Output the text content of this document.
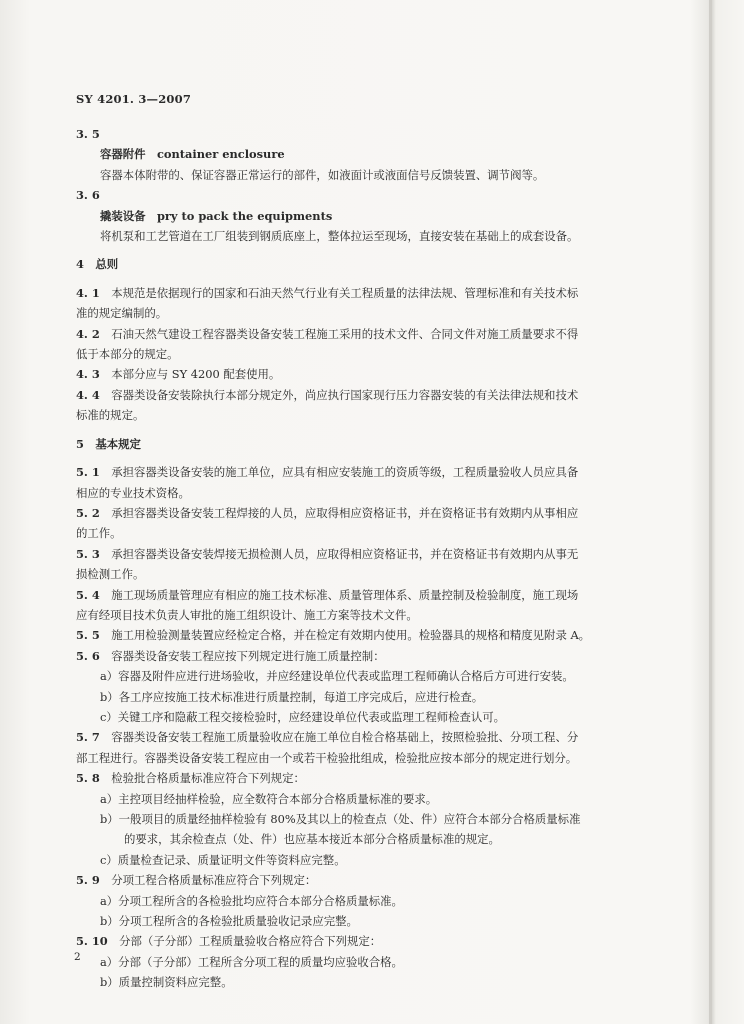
SY 4201. 3—2007

3. 5

容器附件　container enclosure

容器本体附带的、保证容器正常运行的部件，如液面计或液面信号反馈装置、调节阀等。

3. 6

撬装设备　pry to pack the equipments

将机泵和工艺管道在工厂组装到钢质底座上，整体拉运至现场，直接安装在基础上的成套设备。

4　总则

4. 1　 本规范是依据现行的国家和石油天然气行业有关工程质量的法律法规、管理标准和有关技术标

准的规定编制的。

4. 2　 石油天然气建设工程容器类设备安装工程施工采用的技术文件、合同文件对施工质量要求不得

低于本部分的规定。

4. 3　 本部分应与 SY 4200 配套使用。

4. 4　 容器类设备安装除执行本部分规定外，尚应执行国家现行压力容器安装的有关法律法规和技术

标准的规定。

5　基本规定

5. 1　 承担容器类设备安装的施工单位，应具有相应安装施工的资质等级，工程质量验收人员应具备

相应的专业技术资格。

5. 2　 承担容器类设备安装工程焊接的人员，应取得相应资格证书，并在资格证书有效期内从事相应

的工作。

5. 3　 承担容器类设备安装焊接无损检测人员，应取得相应资格证书，并在资格证书有效期内从事无

损检测工作。

5. 4　 施工现场质量管理应有相应的施工技术标准、质量管理体系、质量控制及检验制度，施工现场

应有经项目技术负责人审批的施工组织设计、施工方案等技术文件。

5. 5　 施工用检验测量装置应经检定合格，并在检定有效期内使用。检验器具的规格和精度见附录 A。

5. 6　 容器类设备安装工程应按下列规定进行施工质量控制：

a）容器及附件应进行进场验收，并应经建设单位代表或监理工程师确认合格后方可进行安装。

b）各工序应按施工技术标准进行质量控制，每道工序完成后，应进行检查。

c）关键工序和隐蔽工程交接检验时，应经建设单位代表或监理工程师检查认可。

5. 7　 容器类设备安装工程施工质量验收应在施工单位自检合格基础上，按照检验批、分项工程、分

部工程进行。容器类设备安装工程应由一个或若干检验批组成，检验批应按本部分的规定进行划分。

5. 8　 检验批合格质量标准应符合下列规定：

a）主控项目经抽样检验，应全数符合本部分合格质量标准的要求。

b）一般项目的质量经抽样检验有 80%及其以上的检查点（处、件）应符合本部分合格质量标准

的要求，其余检查点（处、件）也应基本接近本部分合格质量标准的规定。

c）质量检查记录、质量证明文件等资料应完整。

5. 9　 分项工程合格质量标准应符合下列规定：

a）分项工程所含的各检验批均应符合本部分合格质量标准。

b）分项工程所含的各检验批质量验收记录应完整。

5. 10　 分部（子分部）工程质量验收合格应符合下列规定：

a）分部（子分部）工程所含分项工程的质量均应验收合格。

b）质量控制资料应完整。

2
